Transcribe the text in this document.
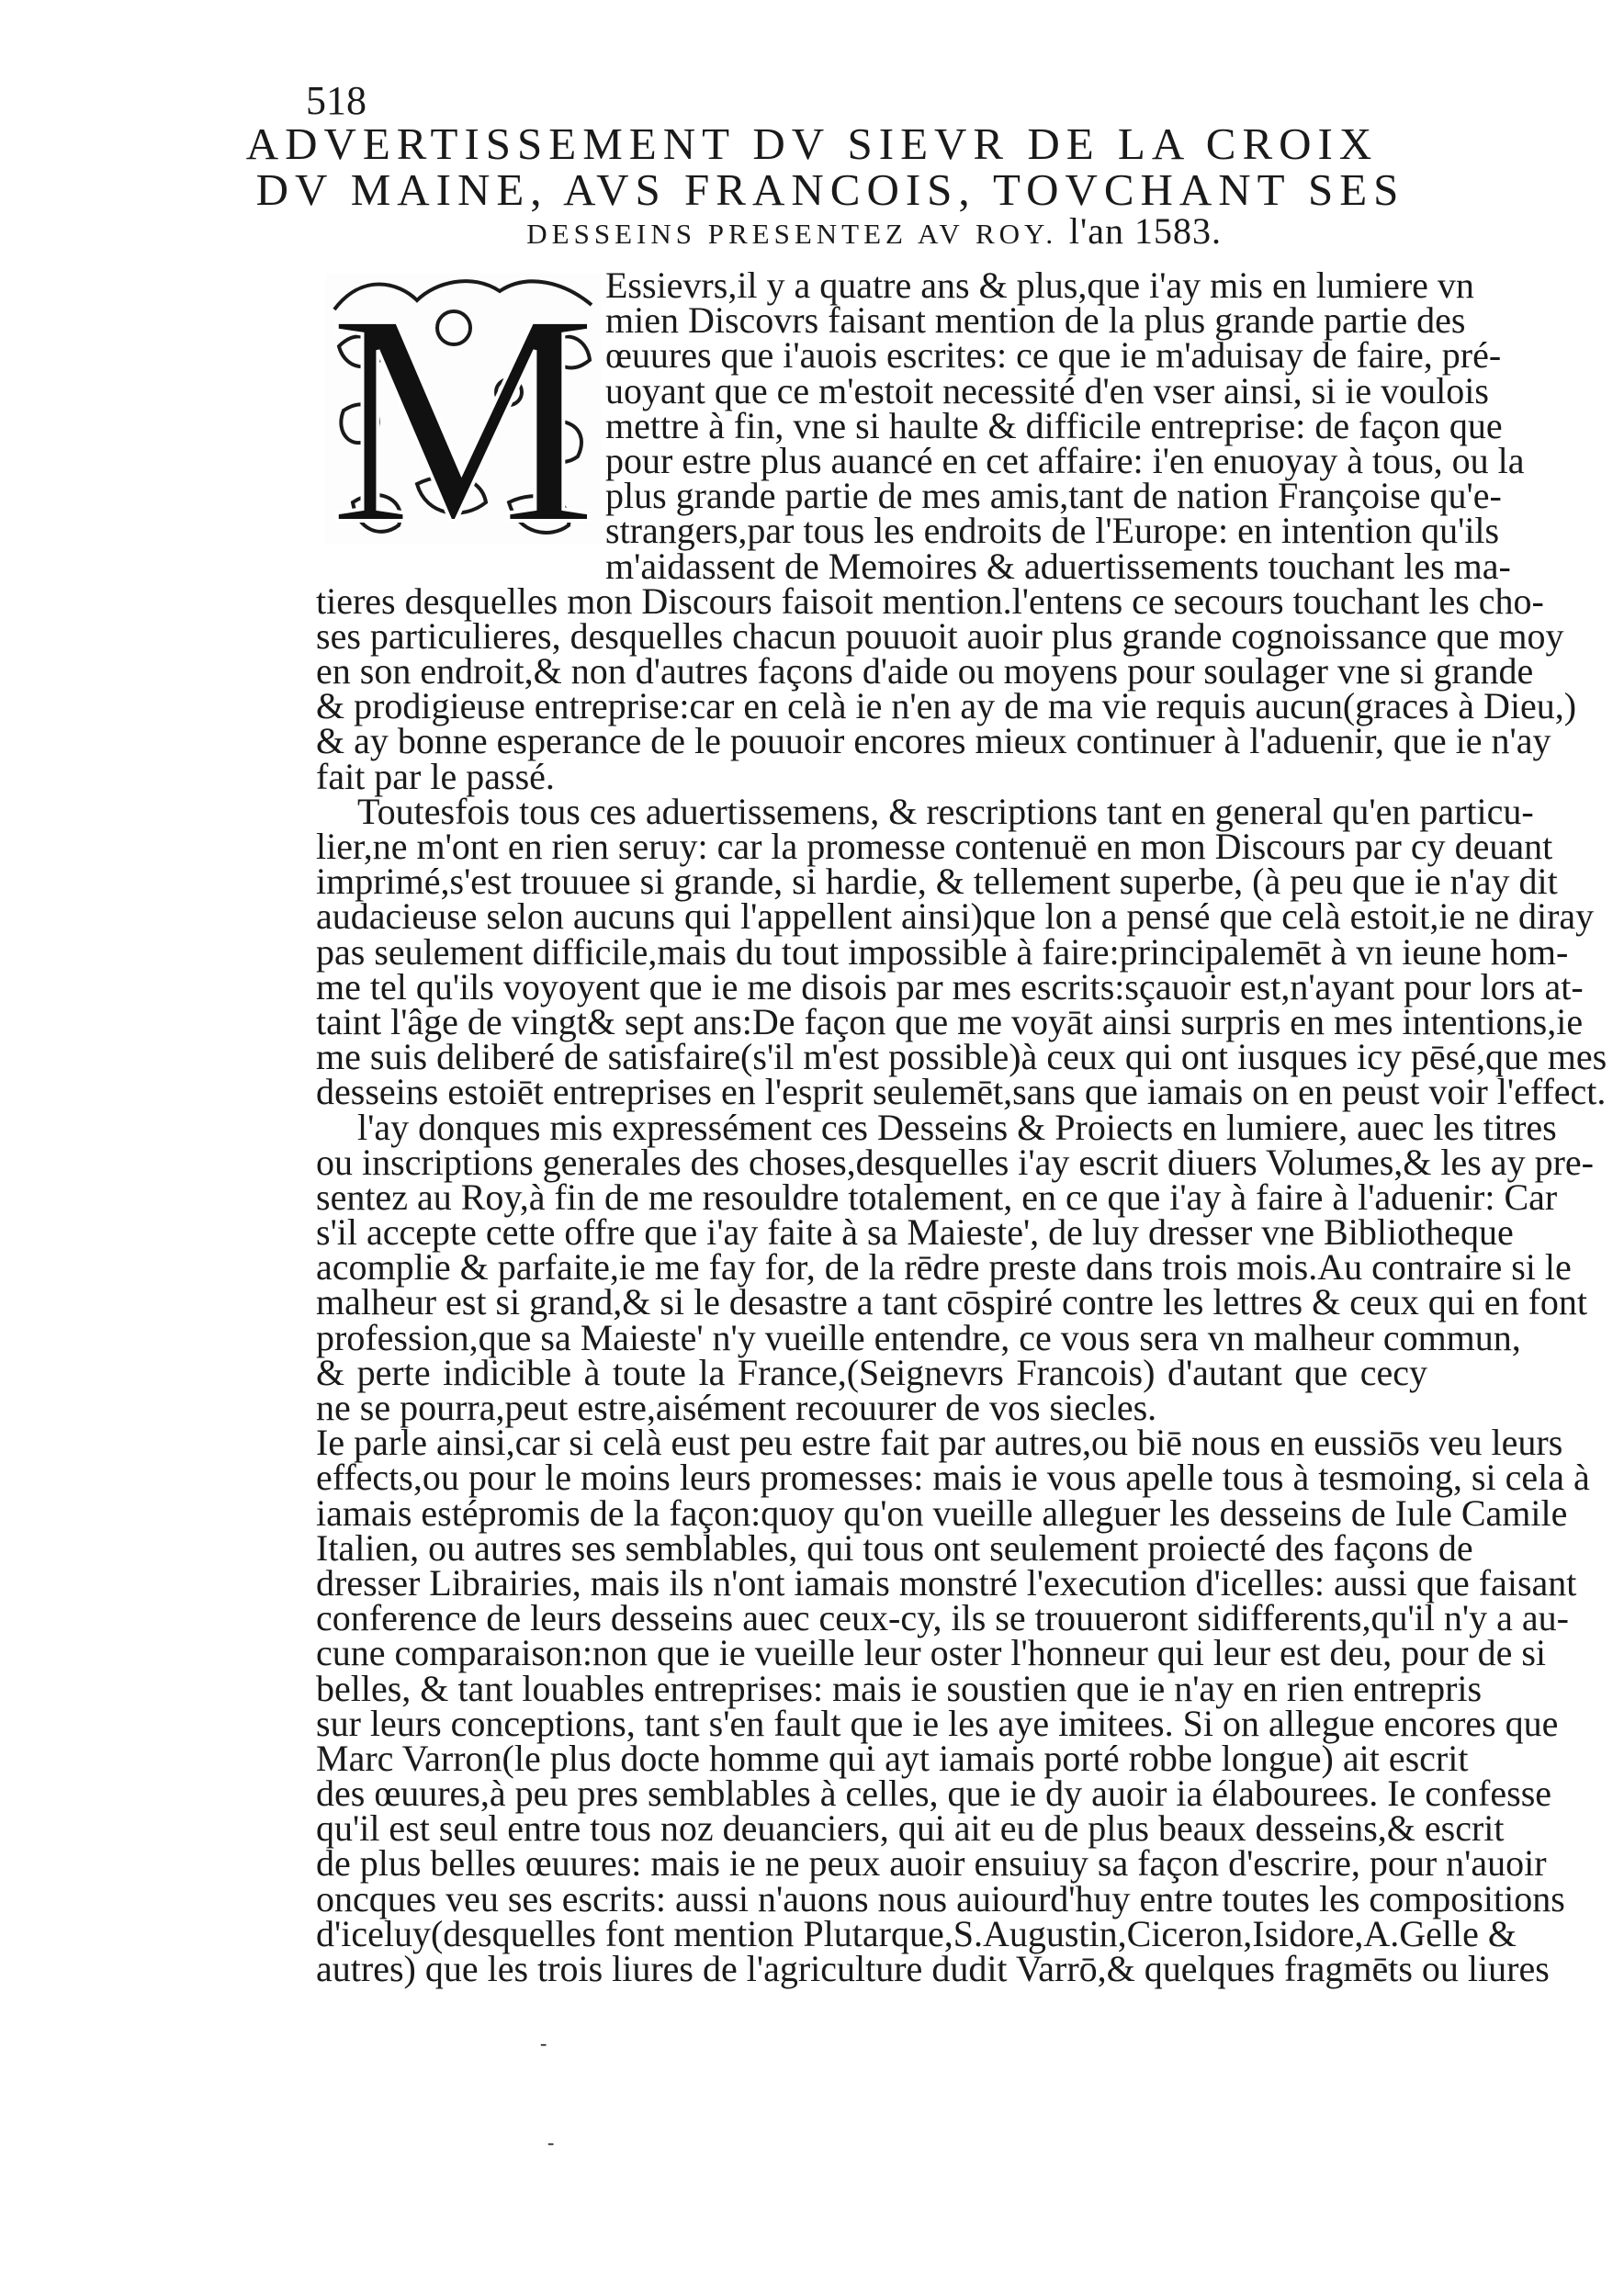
518
ADVERTISSEMENT DV SIEVR DE LA CROIX
DV MAINE, AVS FRANCOIS, TOVCHANT SES
DESSEINS PRESENTEZ AV ROY. l'an 1583.
M Essievrs,il y a quatre ans & plus,que i'ay mis en lumiere vn
mien Discovrs faisant mention de la plus grande partie des
œuures que i'auois escrites: ce que ie m'aduisay de faire, pré-
uoyant que ce m'estoit necessité d'en vser ainsi, si ie voulois
mettre à fin, vne si haulte & difficile entreprise: de façon que
pour estre plus auancé en cet affaire: i'en enuoyay à tous, ou la
plus grande partie de mes amis,tant de nation Françoise qu'e-
strangers,par tous les endroits de l'Europe: en intention qu'ils
m'aidassent de Memoires & aduertissements touchant les ma-
tieres desquelles mon Discours faisoit mention.l'entens ce secours touchant les cho-
ses particulieres, desquelles chacun pouuoit auoir plus grande cognoissance que moy
en son endroit,& non d'autres façons d'aide ou moyens pour soulager vne si grande
& prodigieuse entreprise:car en celà ie n'en ay de ma vie requis aucun(graces à Dieu,)
& ay bonne esperance de le pouuoir encores mieux continuer à l'aduenir, que ie n'ay
fait par le passé.
Toutesfois tous ces aduertissemens, & rescriptions tant en general qu'en particu-
lier,ne m'ont en rien seruy: car la promesse contenuë en mon Discours par cy deuant
imprimé,s'est trouuee si grande, si hardie, & tellement superbe, (à peu que ie n'ay dit
audacieuse selon aucuns qui l'appellent ainsi)que lon a pensé que celà estoit,ie ne diray
pas seulement difficile,mais du tout impossible à faire:principalemēt à vn ieune hom-
me tel qu'ils voyoyent que ie me disois par mes escrits:sçauoir est,n'ayant pour lors at-
taint l'âge de vingt& sept ans:De façon que me voyāt ainsi surpris en mes intentions,ie
me suis deliberé de satisfaire(s'il m'est possible)à ceux qui ont iusques icy pēsé,que mes
desseins estoiēt entreprises en l'esprit seulemēt,sans que iamais on en peust voir l'effect.
l'ay donques mis expressément ces Desseins & Proiects en lumiere, auec les titres
ou inscriptions generales des choses,desquelles i'ay escrit diuers Volumes,& les ay pre-
sentez au Roy,à fin de me resouldre totalement, en ce que i'ay à faire à l'aduenir: Car
s'il accepte cette offre que i'ay faite à sa Maieste', de luy dresser vne Bibliotheque
acomplie & parfaite,ie me fay for, de la rēdre preste dans trois mois.Au contraire si le
malheur est si grand,& si le desastre a tant cōspiré contre les lettres & ceux qui en font
profession,que sa Maieste' n'y vueille entendre, ce vous sera vn malheur commun,
& perte indicible à toute la France,(Seignevrs Francois) d'autant que cecy
ne se pourra,peut estre,aisément recouurer de vos siecles.
Ie parle ainsi,car si celà eust peu estre fait par autres,ou biē nous en eussiōs veu leurs
effects,ou pour le moins leurs promesses: mais ie vous apelle tous à tesmoing, si cela à
iamais estépromis de la façon:quoy qu'on vueille alleguer les desseins de Iule Camile
Italien, ou autres ses semblables, qui tous ont seulement proiecté des façons de
dresser Librairies, mais ils n'ont iamais monstré l'execution d'icelles: aussi que faisant
conference de leurs desseins auec ceux-cy, ils se trouueront sidifferents,qu'il n'y a au-
cune comparaison:non que ie vueille leur oster l'honneur qui leur est deu, pour de si
belles, & tant louables entreprises: mais ie soustien que ie n'ay en rien entrepris
sur leurs conceptions, tant s'en fault que ie les aye imitees. Si on allegue encores que
Marc Varron(le plus docte homme qui ayt iamais porté robbe longue) ait escrit
des œuures,à peu pres semblables à celles, que ie dy auoir ia élabourees. Ie confesse
qu'il est seul entre tous noz deuanciers, qui ait eu de plus beaux desseins,& escrit
de plus belles œuures: mais ie ne peux auoir ensuiuy sa façon d'escrire, pour n'auoir
oncques veu ses escrits: aussi n'auons nous auiourd'huy entre toutes les compositions
d'iceluy(desquelles font mention Plutarque,S.Augustin,Ciceron,Isidore,A.Gelle &
autres) que les trois liures de l'agriculture dudit Varrō,& quelques fragmēts ou liures
-
-
